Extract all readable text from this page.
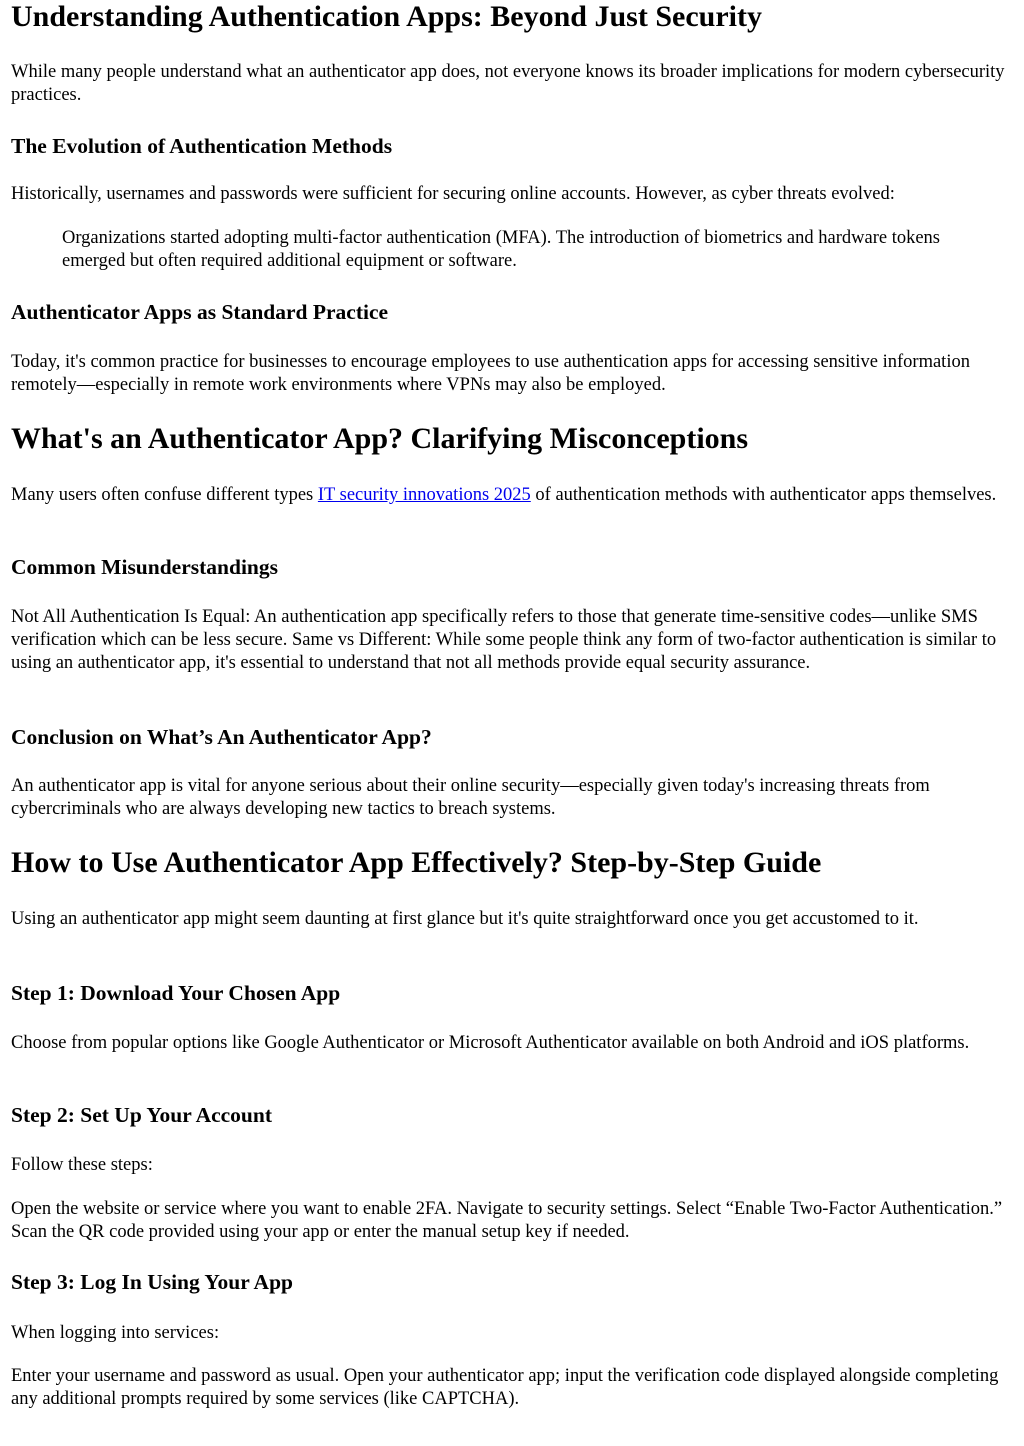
Understanding Authentication Apps: Beyond Just Security

While many people understand what an authenticator app does, not everyone knows its broader implications for modern cybersecurity practices.

The Evolution of Authentication Methods

Historically, usernames and passwords were sufficient for securing online accounts. However, as cyber threats evolved:

Organizations started adopting multi-factor authentication (MFA). The introduction of biometrics and hardware tokens emerged but often required additional equipment or software.
Authenticator Apps as Standard Practice

Today, it's common practice for businesses to encourage employees to use authentication apps for accessing sensitive information remotely—especially in remote work environments where VPNs may also be employed.

What's an Authenticator App? Clarifying Misconceptions

Many users often confuse different types IT security innovations 2025 of authentication methods with authenticator apps themselves.

Common Misunderstandings

Not All Authentication Is Equal: An authentication app specifically refers to those that generate time-sensitive codes—unlike SMS verification which can be less secure. Same vs Different: While some people think any form of two-factor authentication is similar to using an authenticator app, it's essential to understand that not all methods provide equal security assurance.

Conclusion on What’s An Authenticator App?

An authenticator app is vital for anyone serious about their online security—especially given today's increasing threats from cybercriminals who are always developing new tactics to breach systems.

How to Use Authenticator App Effectively? Step-by-Step Guide

Using an authenticator app might seem daunting at first glance but it's quite straightforward once you get accustomed to it.

Step 1: Download Your Chosen App

Choose from popular options like Google Authenticator or Microsoft Authenticator available on both Android and iOS platforms.

Step 2: Set Up Your Account

Follow these steps:

Open the website or service where you want to enable 2FA. Navigate to security settings. Select “Enable Two-Factor Authentication.” Scan the QR code provided using your app or enter the manual setup key if needed.

Step 3: Log In Using Your App

When logging into services:

Enter your username and password as usual. Open your authenticator app; input the verification code displayed alongside completing any additional prompts required by some services (like CAPTCHA).
